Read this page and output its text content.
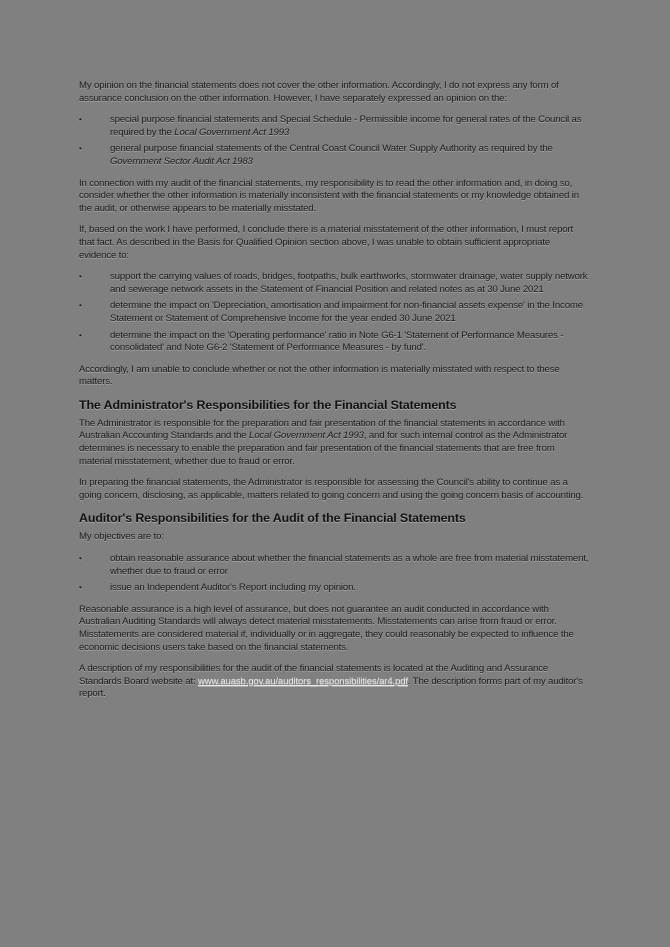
My opinion on the financial statements does not cover the other information. Accordingly, I do not express any form of assurance conclusion on the other information. However, I have separately expressed an opinion on the:

•	special purpose financial statements and Special Schedule - Permissible income for general rates of the Council as required by the Local Government Act 1993
•	general purpose financial statements of the Central Coast Council Water Supply Authority as required by the Government Sector Audit Act 1983

In connection with my audit of the financial statements, my responsibility is to read the other information and, in doing so, consider whether the other information is materially inconsistent with the financial statements or my knowledge obtained in the audit, or otherwise appears to be materially misstated.

If, based on the work I have performed, I conclude there is a material misstatement of the other information, I must report that fact. As described in the Basis for Qualified Opinion section above, I was unable to obtain sufficient appropriate evidence to:

•	support the carrying values of roads, bridges, footpaths, bulk earthworks, stormwater drainage, water supply network and sewerage network assets in the Statement of Financial Position and related notes as at 30 June 2021
•	determine the impact on 'Depreciation, amortisation and impairment for non-financial assets expense' in the Income Statement or Statement of Comprehensive Income for the year ended 30 June 2021
•	determine the impact on the 'Operating performance' ratio in Note G6-1 'Statement of Performance Measures - consolidated' and Note G6-2 'Statement of Performance Measures - by fund'.

Accordingly, I am unable to conclude whether or not the other information is materially misstated with respect to these matters.

The Administrator's Responsibilities for the Financial Statements

The Administrator is responsible for the preparation and fair presentation of the financial statements in accordance with Australian Accounting Standards and the Local Government Act 1993, and for such internal control as the Administrator determines is necessary to enable the preparation and fair presentation of the financial statements that are free from material misstatement, whether due to fraud or error.

In preparing the financial statements, the Administrator is responsible for assessing the Council's ability to continue as a going concern, disclosing, as applicable, matters related to going concern and using the going concern basis of accounting.

Auditor's Responsibilities for the Audit of the Financial Statements

My objectives are to:

•	obtain reasonable assurance about whether the financial statements as a whole are free from material misstatement, whether due to fraud or error
•	issue an Independent Auditor's Report including my opinion.

Reasonable assurance is a high level of assurance, but does not guarantee an audit conducted in accordance with Australian Auditing Standards will always detect material misstatements. Misstatements can arise from fraud or error. Misstatements are considered material if, individually or in aggregate, they could reasonably be expected to influence the economic decisions users take based on the financial statements.

A description of my responsibilities for the audit of the financial statements is located at the Auditing and Assurance Standards Board website at: www.auasb.gov.au/auditors_responsibilities/ar4.pdf. The description forms part of my auditor's report.
